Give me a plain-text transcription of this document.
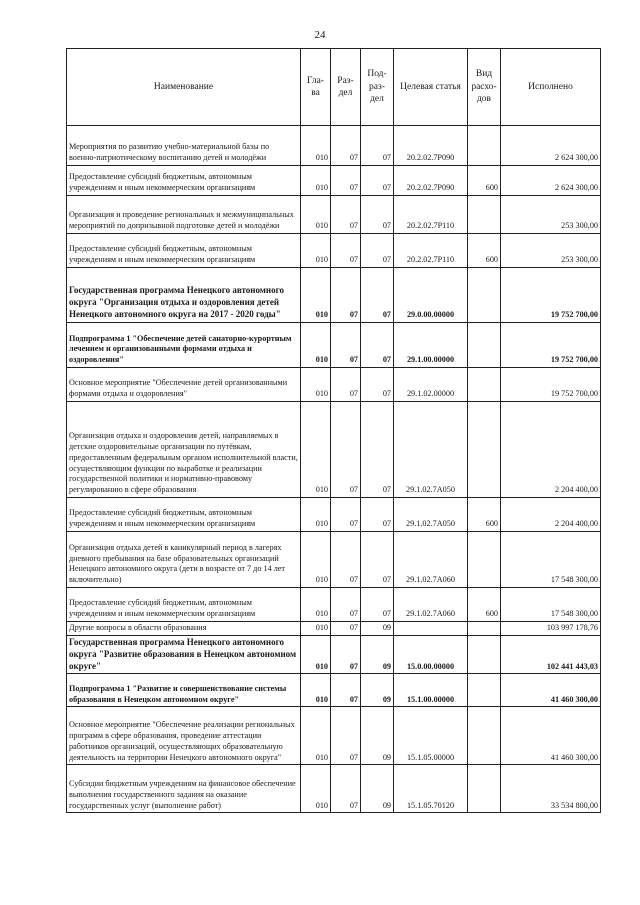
24
Наименование	Гла-ва	Раз-дел	Под-раз-дел	Целевая статья	Вид расхо-дов	Исполнено
Мероприятия по развитию учебно-материальной базы по военно-патриотическому воспитанию детей и молодёжи	010	07	07	20.2.02.7Р090		2 624 300,00
Предоставление субсидий бюджетным, автономным учреждениям и иным некоммерческим организациям	010	07	07	20.2.02.7Р090	600	2 624 300,00
Организация и проведение региональных и межмуниципальных мероприятий по допризывной подготовке детей и молодёжи	010	07	07	20.2.02.7Р110		253 300,00
Предоставление субсидий бюджетным, автономным учреждениям и иным некоммерческим организациям	010	07	07	20.2.02.7Р110	600	253 300,00
Государственная программа Ненецкого автономного округа "Организация отдыха и оздоровления детей Ненецкого автономного округа на 2017 - 2020 годы"	010	07	07	29.0.00.00000		19 752 700,00
Подпрограмма 1 "Обеспечение детей санаторно-курортным лечением и организованными формами отдыха и оздоровления"	010	07	07	29.1.00.00000		19 752 700,00
Основное мероприятие "Обеспечение детей организованными формами отдыха и оздоровления"	010	07	07	29.1.02.00000		19 752 700,00
Организация отдыха и оздоровления детей, направляемых в детские оздоровительные организации по путёвкам, предоставленным федеральным органом исполнительной власти, осуществляющим функции по выработке и реализации государственной политики и нормативно-правовому регулированию в сфере образования	010	07	07	29.1.02.7А050		2 204 400,00
Предоставление субсидий бюджетным, автономным учреждениям и иным некоммерческим организациям	010	07	07	29.1.02.7А050	600	2 204 400,00
Организация отдыха детей в каникулярный период в лагерях дневного пребывания на базе образовательных организаций Ненецкого автономного округа (дети в возрасте от 7 до 14 лет включительно)	010	07	07	29.1.02.7А060		17 548 300,00
Предоставление субсидий бюджетным, автономным учреждениям и иным некоммерческим организациям	010	07	07	29.1.02.7А060	600	17 548 300,00
Другие вопросы в области образования	010	07	09			103 997 178,76
Государственная программа Ненецкого автономного округа "Развитие образования в Ненецком автономном округе"	010	07	09	15.0.00.00000		102 441 443,03
Подпрограмма 1 "Развитие и совершенствование системы образования в Ненецком автономном округе"	010	07	09	15.1.00.00000		41 460 300,00
Основное мероприятие "Обеспечение реализации региональных программ в сфере образования, проведение аттестации работников организаций, осуществляющих образовательную деятельность на территории Ненецкого автономного округа"	010	07	09	15.1.05.00000		41 460 300,00
Субсидии бюджетным учреждениям на финансовое обеспечение выполнения государственного задания на оказание государственных услуг (выполнение работ)	010	07	09	15.1.05.70120		33 534 800,00
